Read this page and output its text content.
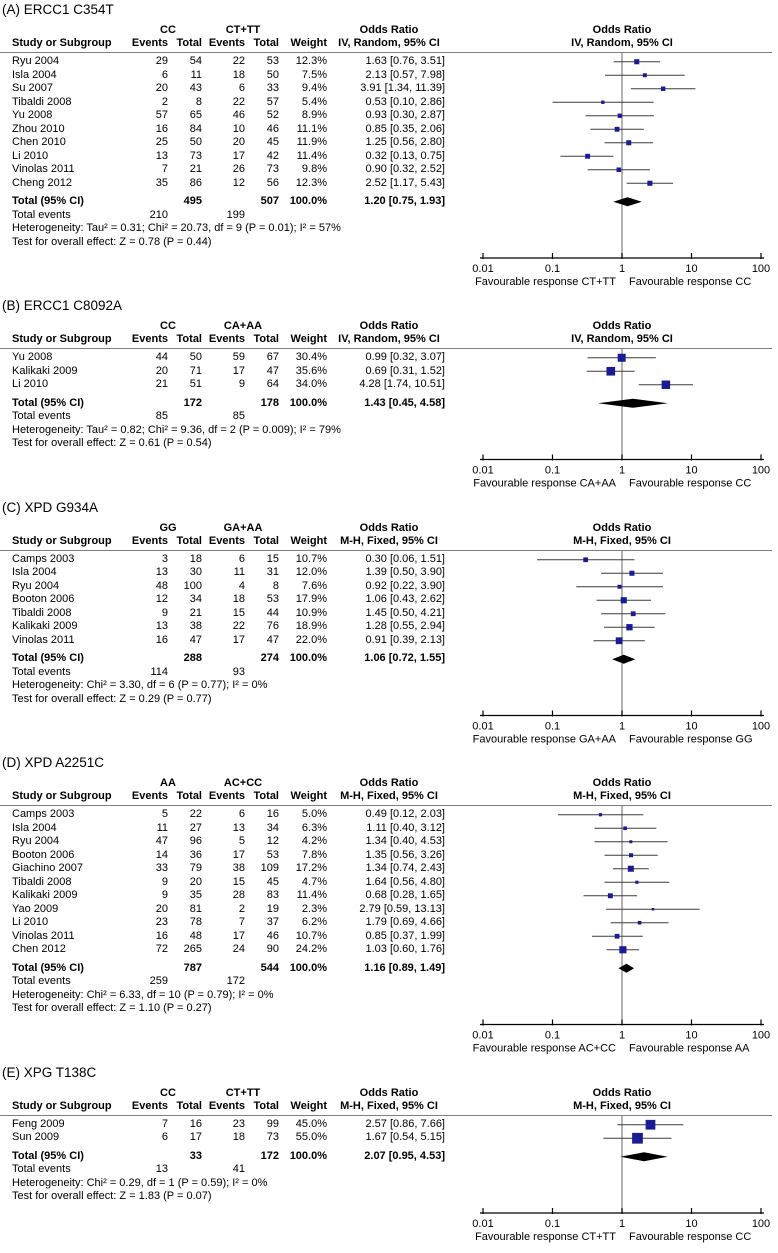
(A) ERCC1 C354T
CC	CT+TT	Odds Ratio	Odds Ratio
Study or Subgroup Events Total Events Total Weight IV, Random, 95% CI	IV, Random, 95% CI
Ryu 2004	29 54	22 53 12.3%	1.63 [0.76, 3.51]
Isla 2004	6 11	18 50 7.5%	2.13 [0.57, 7.98]
Su 2007	20 43	6 33 9.4%	3.91 [1.34, 11.39]
Tibaldi 2008	2	8	22 57 5.4%	0.53 [0.10, 2.86]
Yu 2008	57 65	46 52 8.9%	0.93 [0.30, 2.87]
Zhou 2010	16 84	10 46 11.1%	0.85 [0.35, 2.06]
Chen 2010	25 50	20 45 11.9%	1.25 [0.56, 2.80]
Li 2010	13 73	17 42 11.4%	0.32 [0.13, 0.75]
Vinolas 2011	7 21	26 73 9.8%	0.90 [0.32, 2.52]
Cheng 2012	35 86	12 56 12.3%	2.52 [1.17, 5.43]
Total (95% CI)	495	507 100.0%	1.20 [0.75, 1.93]
Total events	210	199
Heterogeneity: Tau² = 0.31; Chi² = 20.73, df = 9 (P = 0.01); I² = 57%
Test for overall effect: Z = 0.78 (P = 0.44)
0.01	0.1	1	10	100
Favourable response CT+TT Favourable response CC
(B) ERCC1 C8092A
CC	CA+AA	Odds Ratio	Odds Ratio
Study or Subgroup Events Total Events Total Weight IV, Random, 95% CI	IV, Random, 95% CI
Yu 2008	44 50	59 67 30.4%	0.99 [0.32, 3.07]
Kalikaki 2009	20 71	17 47 35.6%	0.69 [0.31, 1.52]
Li 2010	21 51	9 64 34.0%	4.28 [1.74, 10.51]
Total (95% CI)	172	178 100.0%	1.43 [0.45, 4.58]
Total events	85	85
Heterogeneity: Tau² = 0.82; Chi² = 9.36, df = 2 (P = 0.009); I² = 79%
Test for overall effect: Z = 0.61 (P = 0.54)
0.01	0.1	1	10	100
Favourable response CA+AA Favourable response CC
(C) XPD G934A
GG	GA+AA	Odds Ratio	Odds Ratio
Study or Subgroup Events Total Events Total Weight M-H, Fixed, 95% CI	M-H, Fixed, 95% CI
Camps 2003	3 18	6 15 10.7%	0.30 [0.06, 1.51]
Isla 2004	13 30	11 31 12.0%	1.39 [0.50, 3.90]
Ryu 2004	48 100	4	8 7.6%	0.92 [0.22, 3.90]
Booton 2006	12 34	18 53 17.9%	1.06 [0.43, 2.62]
Tibaldi 2008	9 21	15 44 10.9%	1.45 [0.50, 4.21]
Kalikaki 2009	13 38	22 76 18.9%	1.28 [0.55, 2.94]
Vinolas 2011	16 47	17 47 22.0%	0.91 [0.39, 2.13]
Total (95% CI)	288	274 100.0%	1.06 [0.72, 1.55]
Total events	114	93
Heterogeneity: Chi² = 3.30, df = 6 (P = 0.77); I² = 0%
Test for overall effect: Z = 0.29 (P = 0.77)
0.01	0.1	1	10	100
Favourable response GA+AA Favourable response GG
(D) XPD A2251C
AA	AC+CC	Odds Ratio	Odds Ratio
Study or Subgroup Events Total Events Total Weight M-H, Fixed, 95% CI	M-H, Fixed, 95% CI
Camps 2003	5 22	6 16 5.0%	0.49 [0.12, 2.03]
Isla 2004	11 27	13 34 6.3%	1.11 [0.40, 3.12]
Ryu 2004	47 96	5 12 4.2%	1.34 [0.40, 4.53]
Booton 2006	14 36	17 53 7.8%	1.35 [0.56, 3.26]
Giachino 2007	33 79	38 109 17.2%	1.34 [0.74, 2.43]
Tibaldi 2008	9 20	15 45 4.7%	1.64 [0.56, 4.80]
Kalikaki 2009	9 35	28 83 11.4%	0.68 [0.28, 1.65]
Yao 2009	20 81	2 19 2.3%	2.79 [0.59, 13.13]
Li 2010	23 78	7 37 6.2%	1.79 [0.69, 4.66]
Vinolas 2011	16 48	17 46 10.7%	0.85 [0.37, 1.99]
Chen 2012	72 265	24 90 24.2%	1.03 [0.60, 1.76]
Total (95% CI)	787	544 100.0%	1.16 [0.89, 1.49]
Total events	259	172
Heterogeneity: Chi² = 6.33, df = 10 (P = 0.79); I² = 0%
Test for overall effect: Z = 1.10 (P = 0.27)
0.01	0.1	1	10	100
Favourable response AC+CC Favourable response AA
(E) XPG T138C
CC	CT+TT	Odds Ratio	Odds Ratio
Study or Subgroup Events Total Events Total Weight M-H, Fixed, 95% CI	M-H, Fixed, 95% CI
Feng 2009	7 16	23 99 45.0%	2.57 [0.86, 7.66]
Sun 2009	6 17	18 73 55.0%	1.67 [0.54, 5.15]
Total (95% CI)	33	172 100.0%	2.07 [0.95, 4.53]
Total events	13	41
Heterogeneity: Chi² = 0.29, df = 1 (P = 0.59); I² = 0%
Test for overall effect: Z = 1.83 (P = 0.07)
0.01	0.1	1	10	100
Favourable response CT+TT Favourable response CC
